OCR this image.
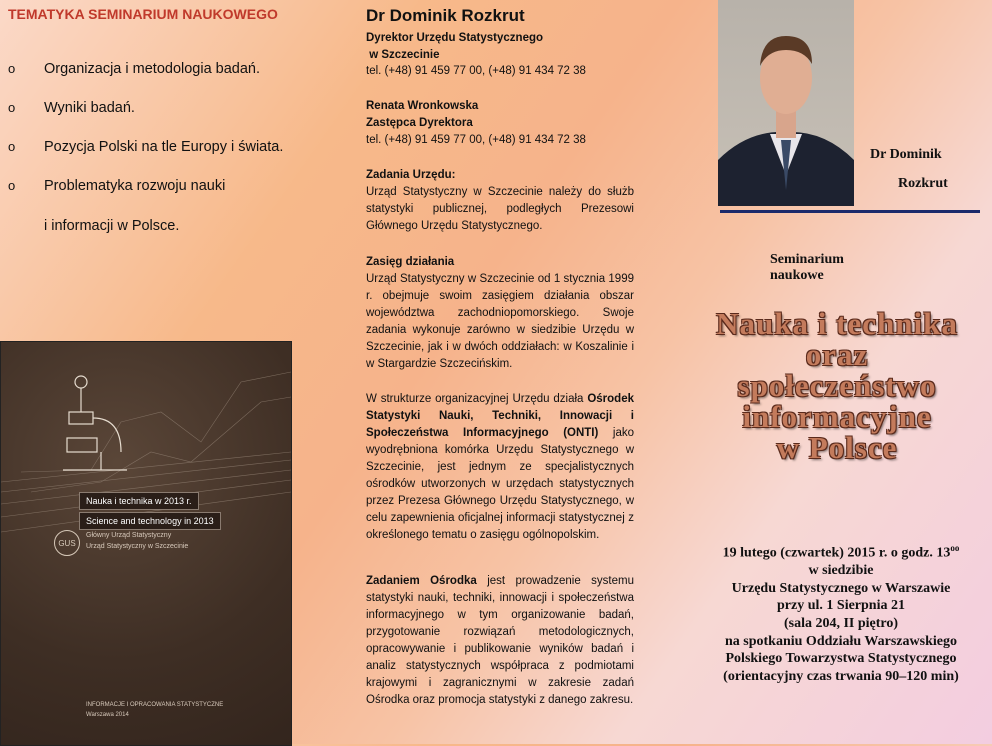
TEMATYKA SEMINARIUM NAUKOWEGO
o Organizacja i metodologia badań.
o Wyniki badań.
o Pozycja Polski na tle Europy i świata.
o Problematyka rozwoju nauki
i informacji w Polsce.
Nauka i technika w 2013 r.
Science and technology in 2013
GUS
Główny Urząd Statystyczny
Urząd Statystyczny w Szczecinie
INFORMACJE I OPRACOWANIA STATYSTYCZNE
Warszawa 2014
Dr Dominik Rozkrut
Dyrektor Urzędu Statystycznego
w Szczecinie
tel. (+48) 91 459 77 00, (+48) 91 434 72 38
Renata Wronkowska
Zastępca Dyrektora
tel. (+48) 91 459 77 00, (+48) 91 434 72 38
Zadania Urzędu:
Urząd Statystyczny w Szczecinie należy do służb statystyki publicznej, podległych Prezesowi Głównego Urzędu Statystycznego.
Zasięg działania
Urząd Statystyczny w Szczecinie od 1 stycznia 1999 r. obejmuje swoim zasięgiem działania obszar województwa zachodniopomorskiego. Swoje zadania wykonuje zarówno w siedzibie Urzędu w Szczecinie, jak i w dwóch oddziałach: w Koszalinie i w Stargardzie Szczecińskim.
W strukturze organizacyjnej Urzędu działa Ośrodek Statystyki Nauki, Techniki, Innowacji i Społeczeństwa Informacyjnego (ONTI) jako wyodrębniona komórka Urzędu Statystycznego w Szczecinie, jest jednym ze specjalistycznych ośrodków utworzonych w urzędach statystycznych przez Prezesa Głównego Urzędu Statystycznego, w celu zapewnienia oficjalnej informacji statystycznej z określonego tematu o zasięgu ogólnopolskim.
Zadaniem Ośrodka jest prowadzenie systemu statystyki nauki, techniki, innowacji i społeczeństwa informacyjnego w tym organizowanie badań, przygotowanie rozwiązań metodologicznych, opracowywanie i publikowanie wyników badań i analiz statystycznych współpraca z podmiotami krajowymi i zagranicznymi w zakresie zadań Ośrodka oraz promocja statystyki z danego zakresu.
Dr Dominik
Rozkrut
Seminarium
naukowe
Nauka i technika
oraz
społeczeństwo
informacyjne
w Polsce
19 lutego (czwartek) 2015 r. o godz. $13^{oo}$
w siedzibie
Urzędu Statystycznego w Warszawie
przy ul. 1 Sierpnia 21
(sala 204, II piętro)
na spotkaniu Oddziału Warszawskiego
Polskiego Towarzystwa Statystycznego
(orientacyjny czas trwania 90–120 min)
